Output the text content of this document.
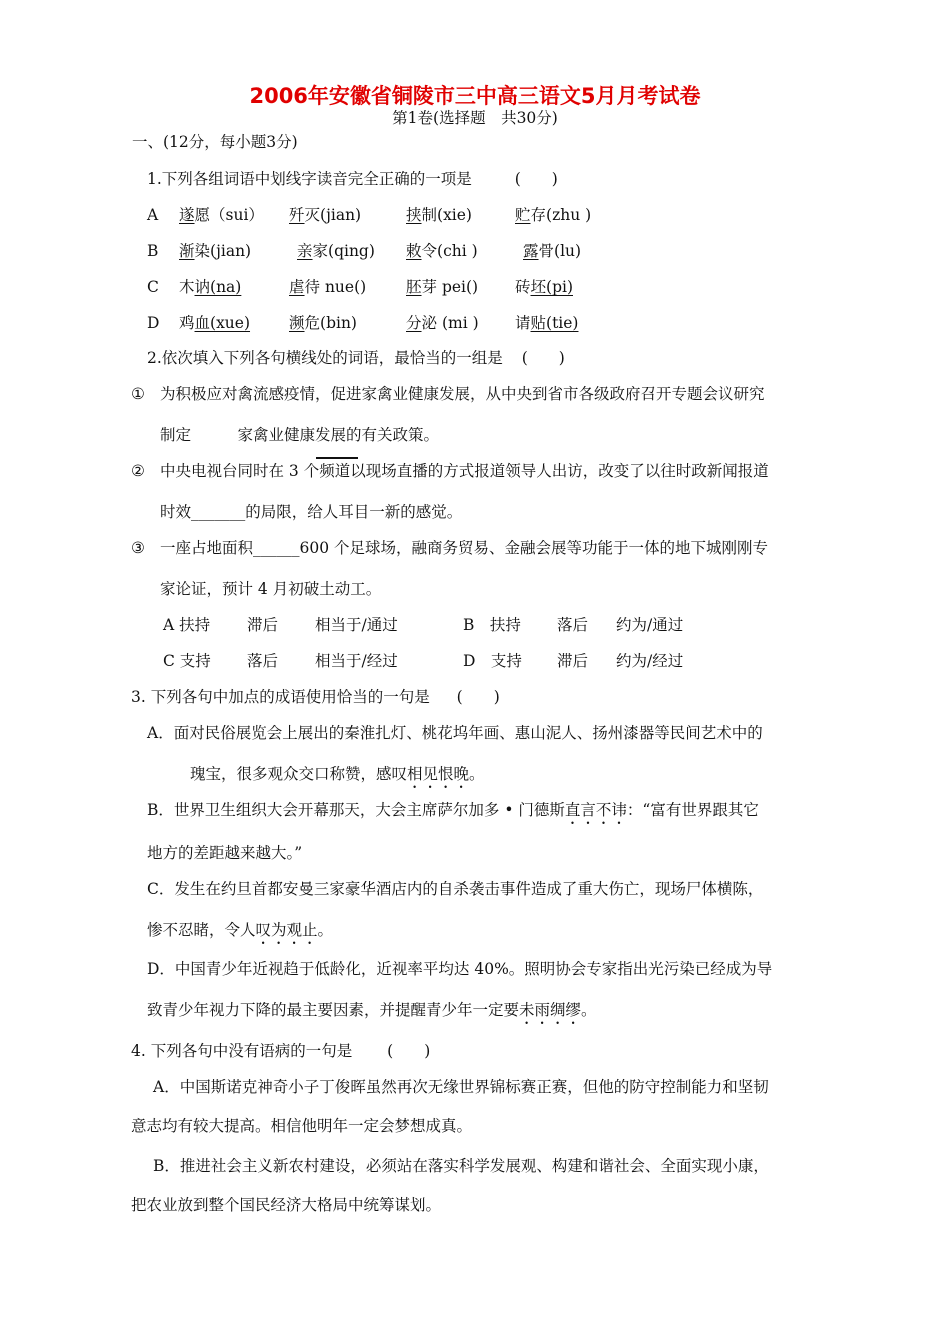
2006年安徽省铜陵市三中高三语文5月月考试卷
第1卷(选择题　共30分)
一、(12分，每小题3分)
1.下列各组词语中划线字读音完全正确的一项是	(　　)
A 遂愿（sui） 歼灭(jian)	挟制(xie)	贮存(zhu )
B 渐染(jian)	亲家(qing) 敕令(chi )	露骨(lu)
C 木讷(na)	虐待 nue()	胚芽 pei() 砖坯(pi)
D 鸡血(xue)	濒危(bin)	分泌 (mi ) 请贴(tie)
2.依次填入下列各句横线处的词语，最恰当的一组是 (　　)
① 为积极应对禽流感疫情，促进家禽业健康发展，从中央到省市各级政府召开专题会议研究
制定　　　家禽业健康发展的有关政策。
② 中央电视台同时在 3 个频道以现场直播的方式报道领导人出访，改变了以往时政新闻报道
时效_______的局限，给人耳目一新的感觉。
③ 一座占地面积______600 个足球场，融商务贸易、金融会展等功能于一体的地下城刚刚专
家论证，预计 4 月初破土动工。
A 扶持 滞后 相当于/通过	B　扶持 落后 约为/通过
C 支持 落后 相当于/经过	D　支持 滞后 约为/经过
3. 下列各句中加点的成语使用恰当的一句是 (　　)
A．面对民俗展览会上展出的秦淮扎灯、桃花坞年画、惠山泥人、扬州漆器等民间艺术中的
瑰宝，很多观众交口称赞，感叹相见恨晚。
B．世界卫生组织大会开幕那天，大会主席萨尔加多 • 门德斯直言不讳：“富有世界跟其它
地方的差距越来越大。”
C．发生在约旦首都安曼三家豪华酒店内的自杀袭击事件造成了重大伤亡，现场尸体横陈，
惨不忍睹，令人叹为观止。
D．中国青少年近视趋于低龄化，近视率平均达 40%。照明协会专家指出光污染已经成为导
致青少年视力下降的最主要因素，并提醒青少年一定要未雨绸缪。
4. 下列各句中没有语病的一句是 (　　)
A．中国斯诺克神奇小子丁俊晖虽然再次无缘世界锦标赛正赛，但他的防守控制能力和坚韧
意志均有较大提高。相信他明年一定会梦想成真。
B．推进社会主义新农村建设，必须站在落实科学发展观、构建和谐社会、全面实现小康，
把农业放到整个国民经济大格局中统筹谋划。
